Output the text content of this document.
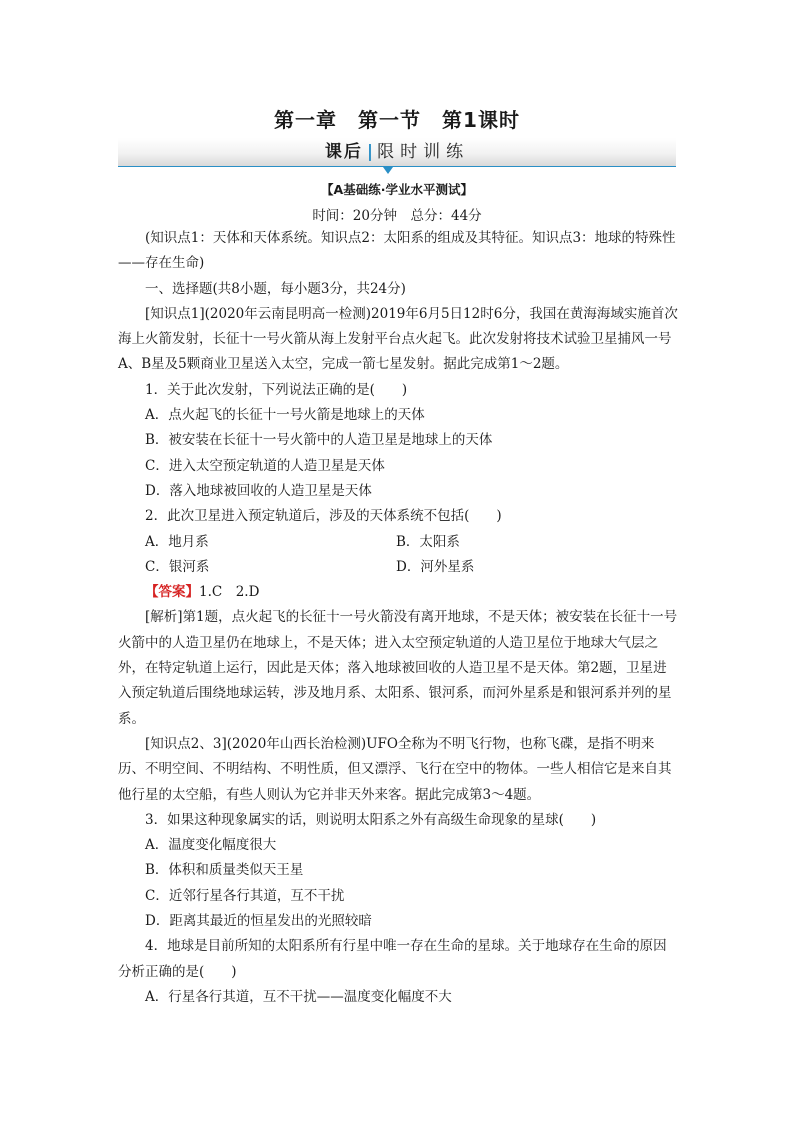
第一章　第一节　第1课时
课后 | 限时训练
【A基础练·学业水平测试】
时间：20分钟　总分：44分

(知识点1：天体和天体系统。知识点2：太阳系的组成及其特征。知识点3：地球的特殊性——存在生命)

一、选择题(共8小题，每小题3分，共24分)

[知识点1](2020年云南昆明高一检测)2019年6月5日12时6分，我国在黄海海域实施首次海上火箭发射，长征十一号火箭从海上发射平台点火起飞。此次发射将技术试验卫星捕风一号A、B星及5颗商业卫星送入太空，完成一箭七星发射。据此完成第1～2题。

1．关于此次发射，下列说法正确的是(　　)

A．点火起飞的长征十一号火箭是地球上的天体

B．被安装在长征十一号火箭中的人造卫星是地球上的天体

C．进入太空预定轨道的人造卫星是天体

D．落入地球被回收的人造卫星是天体

2．此次卫星进入预定轨道后，涉及的天体系统不包括(　　)

A．地月系	B．太阳系
C．银河系	D．河外星系

【答案】1.C　2.D

[解析]第1题，点火起飞的长征十一号火箭没有离开地球，不是天体；被安装在长征十一号火箭中的人造卫星仍在地球上，不是天体；进入太空预定轨道的人造卫星位于地球大气层之外，在特定轨道上运行，因此是天体；落入地球被回收的人造卫星不是天体。第2题，卫星进入预定轨道后围绕地球运转，涉及地月系、太阳系、银河系，而河外星系是和银河系并列的星系。

[知识点2、3](2020年山西长治检测)UFO全称为不明飞行物，也称飞碟，是指不明来历、不明空间、不明结构、不明性质，但又漂浮、飞行在空中的物体。一些人相信它是来自其他行星的太空船，有些人则认为它并非天外来客。据此完成第3～4题。

3．如果这种现象属实的话，则说明太阳系之外有高级生命现象的星球(　　)

A．温度变化幅度很大

B．体积和质量类似天王星

C．近邻行星各行其道，互不干扰

D．距离其最近的恒星发出的光照较暗

4．地球是目前所知的太阳系所有行星中唯一存在生命的星球。关于地球存在生命的原因分析正确的是(　　)

A．行星各行其道，互不干扰——温度变化幅度不大
